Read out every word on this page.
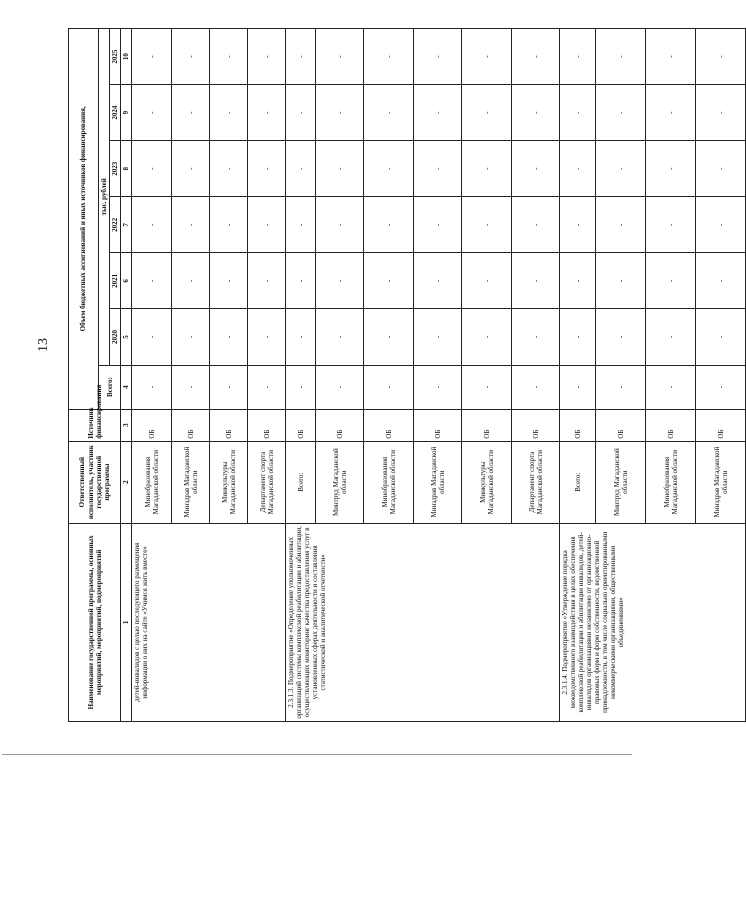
13
Наименование государственной программы, основных мероприятий, мероприятий, подмероприятий	Ответственный исполнитель, участник государственной программы	Источник финансирования	Объем бюджетных ассигнований и иных источников финансирования,						

			Всего:	тыс. рублей					
				2020	2021	2022	2023	2024	2025
1	2	3	4	5	6	7	8	9	10
детей-инвалидов с целью последующего размещения информации о них на сайте «Учимся жить вместе»	Минобразования Магаданской области	ОБ	-	-	-	-	-	-	-
	Минздрав Магаданской области	ОБ	-	-	-	-	-	-	-
	Минкультуры Магаданской области	ОБ	-	-	-	-	-	-	-
	Департамент спорта Магаданской области	ОБ	-	-	-	-	-	-	-
2.3.1.3. Подмероприятие «Определение уполномоченных организаций системы комплексной реабилитации и абилитации, осуществляющих мониторинг качества предоставления услуг в установленных сферах деятельности и составления статистической и аналитической отчетности»	Всего:	ОБ	-	-	-	-	-	-	-
	Минтруд Магаданской области	ОБ	-	-	-	-	-	-	-
	Минобразования Магаданской области	ОБ	-	-	-	-	-	-	-
	Минздрав Магаданской области	ОБ	-	-	-	-	-	-	-
	Минкультуры Магаданской области	ОБ	-	-	-	-	-	-	-
	Департамент спорта Магаданской области	ОБ	-	-	-	-	-	-	-
2.3.1.4. Подмероприятие «Утверждение порядка межведомственного взаимодействия в целях обеспечения комплексной реабилитации и абилитации инвалидов, детей-инвалидов организациями независимо от организационно-правовых форм и форм собственности, ведомственной принадлежности, в том числе социально ориентированными некоммерческими организациями, общественными объединениями»	Всего:	ОБ	-	-	-	-	-	-	-
	Минтруд Магаданской области	ОБ	-	-	-	-	-	-	-
	Минобразования Магаданской области	ОБ	-	-	-	-	-	-	-
	Минздрав Магаданской области	ОБ	-	-	-	-	-	-	-
